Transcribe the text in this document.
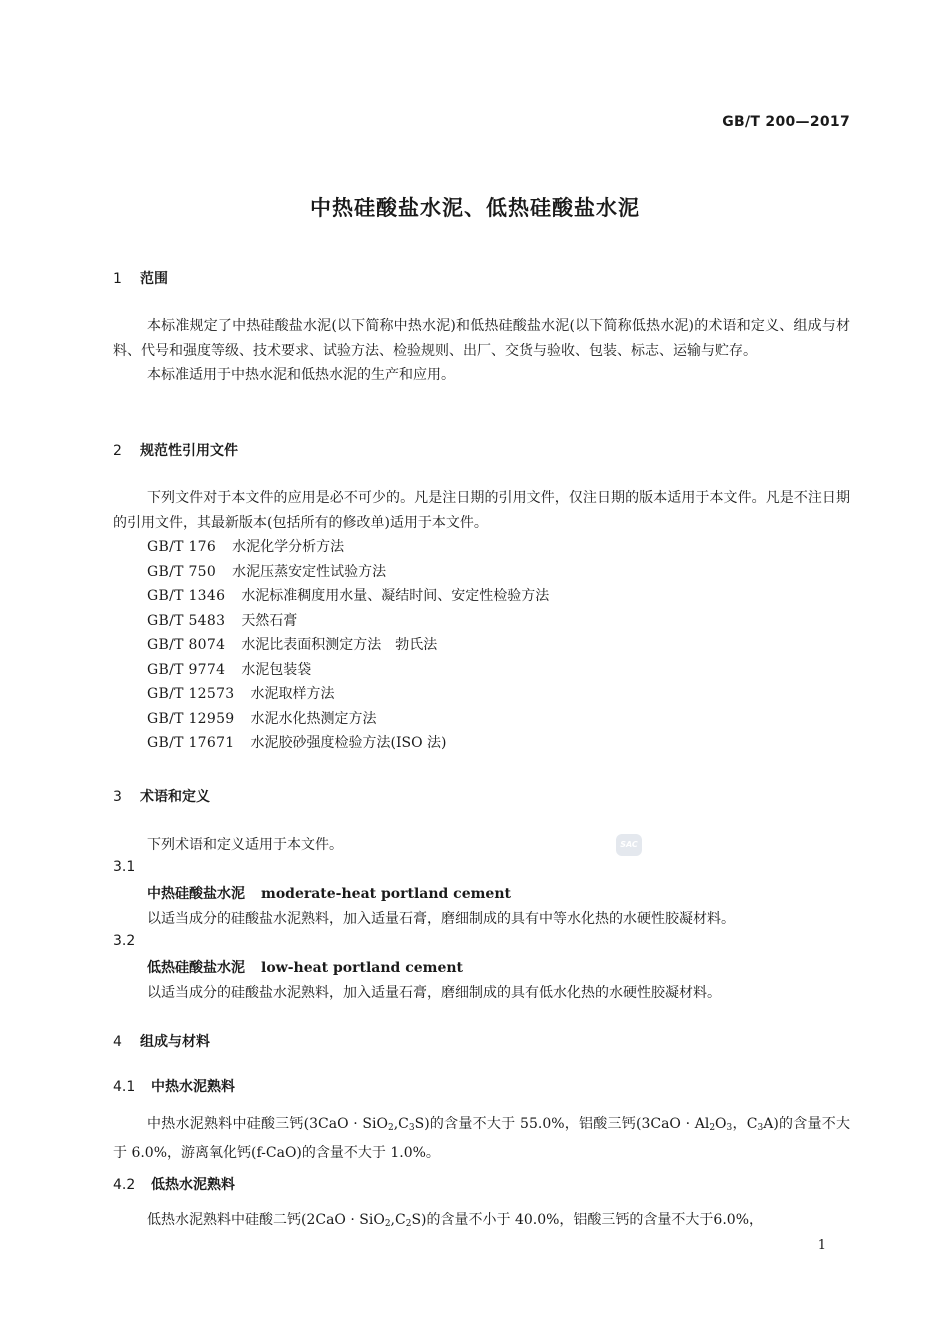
GB/T 200—2017
中热硅酸盐水泥、低热硅酸盐水泥
1 范围

本标准规定了中热硅酸盐水泥(以下简称中热水泥)和低热硅酸盐水泥(以下简称低热水泥)的术语和定义、组成与材料、代号和强度等级、技术要求、试验方法、检验规则、出厂、交货与验收、包装、标志、运输与贮存。

本标准适用于中热水泥和低热水泥的生产和应用。

2 规范性引用文件

下列文件对于本文件的应用是必不可少的。凡是注日期的引用文件，仅注日期的版本适用于本文件。凡是不注日期的引用文件，其最新版本(包括所有的修改单)适用于本文件。

GB/T 176 水泥化学分析方法
GB/T 750 水泥压蒸安定性试验方法
GB/T 1346 水泥标准稠度用水量、凝结时间、安定性检验方法
GB/T 5483 天然石膏
GB/T 8074 水泥比表面积测定方法　勃氏法
GB/T 9774 水泥包装袋
GB/T 12573 水泥取样方法
GB/T 12959 水泥水化热测定方法
GB/T 17671 水泥胶砂强度检验方法(ISO 法)
3 术语和定义
下列术语和定义适用于本文件。	SAC
3.1
中热硅酸盐水泥 moderate-heat portland cement
以适当成分的硅酸盐水泥熟料，加入适量石膏，磨细制成的具有中等水化热的水硬性胶凝材料。
3.2
低热硅酸盐水泥 low-heat portland cement
以适当成分的硅酸盐水泥熟料，加入适量石膏，磨细制成的具有低水化热的水硬性胶凝材料。
4 组成与材料
4.1 中热水泥熟料

中热水泥熟料中硅酸三钙$(3CaO \cdot SiO_2,C_3S)$的含量不大于 55.0%，铝酸三钙($3CaO \cdot Al_2O_3$，$C_3A$)的含量不大于 6.0%，游离氧化钙(f-CaO)的含量不大于 1.0%。

4.2 低热水泥熟料

低热水泥熟料中硅酸二钙$(2CaO \cdot SiO_2,C_2S)$的含量不小于 40.0%，铝酸三钙的含量不大于6.0%，

1
